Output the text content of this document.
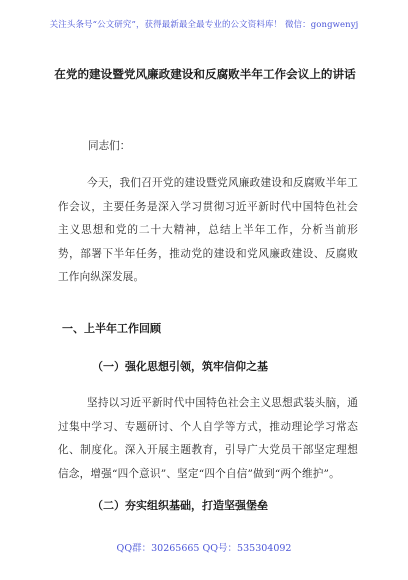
关注头条号“公文研究”，获得最新最全最专业的公文资料库！ 微信：gongwenyj
在党的建设暨党风廉政建设和反腐败半年工作会议上的讲话
同志们：
今天，我们召开党的建设暨党风廉政建设和反腐败半年工作会议，主要任务是深入学习贯彻习近平新时代中国特色社会主义思想和党的二十大精神，总结上半年工作，分析当前形势，部署下半年任务，推动党的建设和党风廉政建设、反腐败工作向纵深发展。
一、上半年工作回顾
（一）强化思想引领，筑牢信仰之基
坚持以习近平新时代中国特色社会主义思想武装头脑，通过集中学习、专题研讨、个人自学等方式，推动理论学习常态化、制度化。深入开展主题教育，引导广大党员干部坚定理想信念，增强“四个意识”、坚定“四个自信”做到“两个维护”。
（二）夯实组织基础，打造坚强堡垒
QQ群：30265665 QQ号：535304092
